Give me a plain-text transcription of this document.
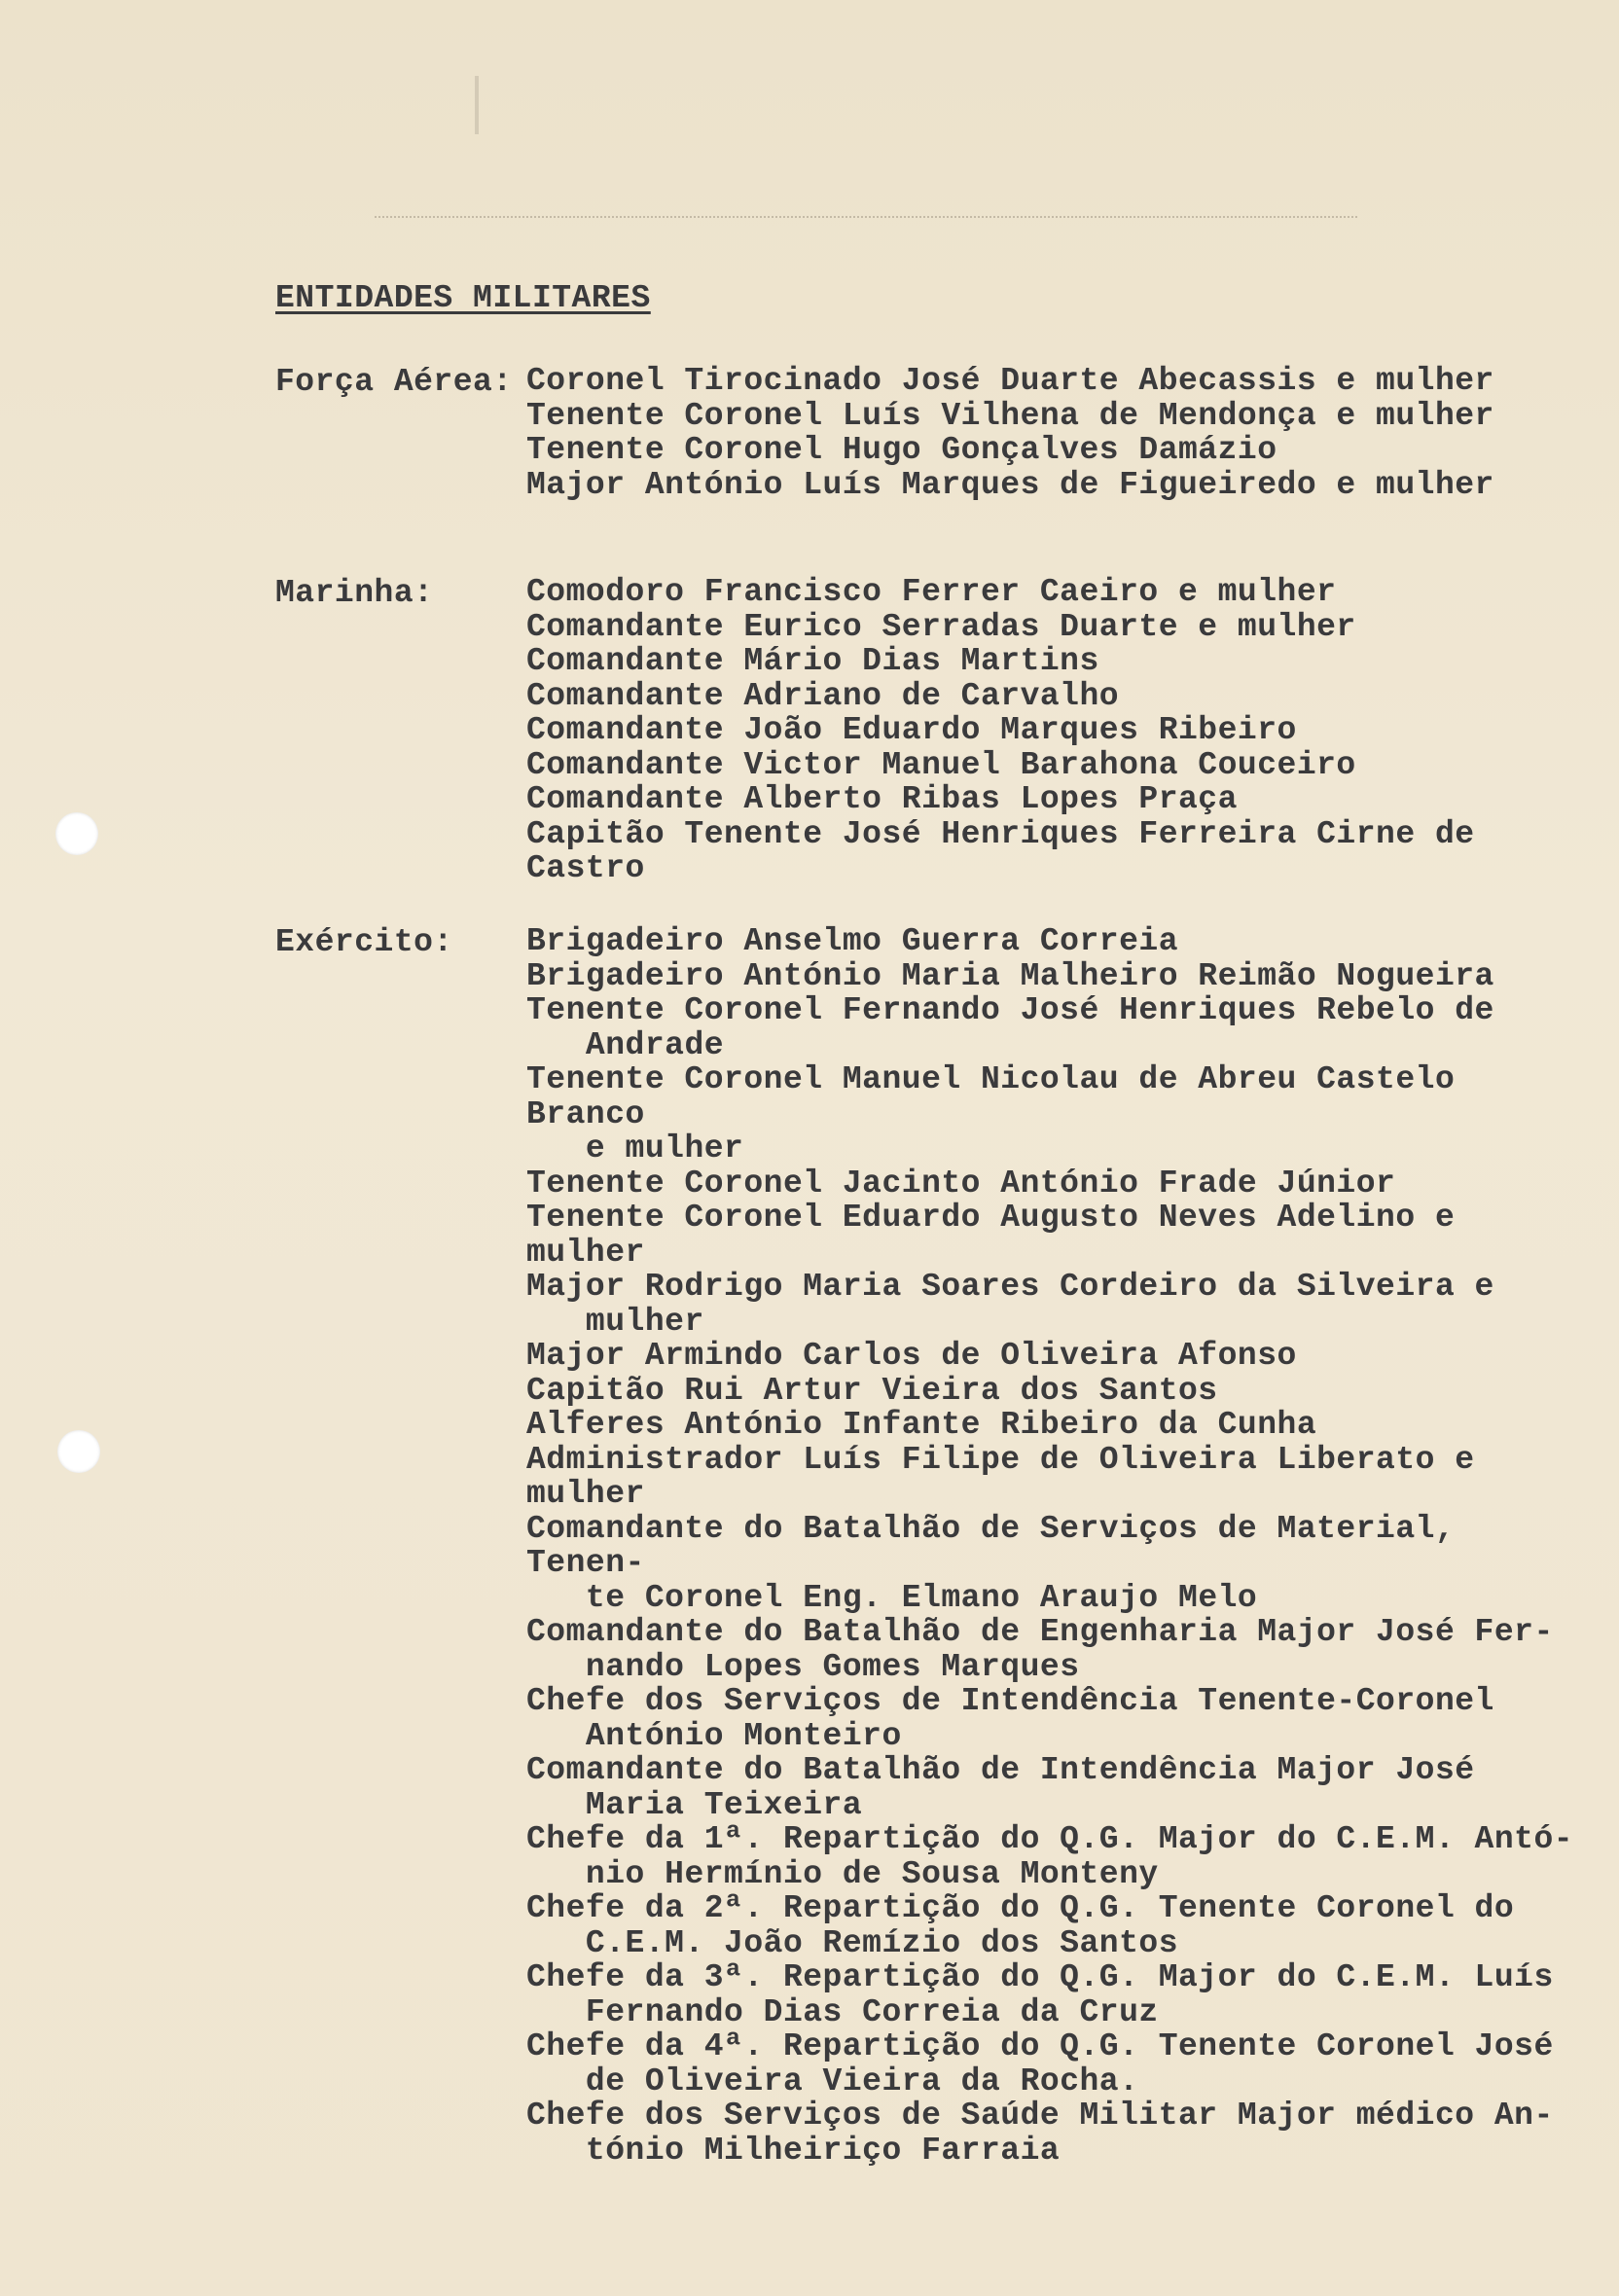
ENTIDADES MILITARES
Força Aérea: Coronel Tirocinado José Duarte Abecassis e mulher
Tenente Coronel Luís Vilhena de Mendonça e mulher
Tenente Coronel Hugo Gonçalves Damázio
Major António Luís Marques de Figueiredo e mulher
Marinha:	Comodoro Francisco Ferrer Caeiro e mulher
Comandante Eurico Serradas Duarte e mulher
Comandante Mário Dias Martins
Comandante Adriano de Carvalho
Comandante João Eduardo Marques Ribeiro
Comandante Victor Manuel Barahona Couceiro
Comandante Alberto Ribas Lopes Praça
Capitão Tenente José Henriques Ferreira Cirne de Castro
Exército: Brigadeiro Anselmo Guerra Correia
Brigadeiro António Maria Malheiro Reimão Nogueira
Tenente Coronel Fernando José Henriques Rebelo de
Andrade
Tenente Coronel Manuel Nicolau de Abreu Castelo Branco
e mulher
Tenente Coronel Jacinto António Frade Júnior
Tenente Coronel Eduardo Augusto Neves Adelino e mulher
Major Rodrigo Maria Soares Cordeiro da Silveira e
mulher
Major Armindo Carlos de Oliveira Afonso
Capitão Rui Artur Vieira dos Santos
Alferes António Infante Ribeiro da Cunha
Administrador Luís Filipe de Oliveira Liberato e mulher
Comandante do Batalhão de Serviços de Material, Tenen-
te Coronel Eng. Elmano Araujo Melo
Comandante do Batalhão de Engenharia Major José Fer-
nando Lopes Gomes Marques
Chefe dos Serviços de Intendência Tenente-Coronel
António Monteiro
Comandante do Batalhão de Intendência Major José
Maria Teixeira
Chefe da 1ª. Repartição do Q.G. Major do C.E.M. Antó-
nio Hermínio de Sousa Monteny
Chefe da 2ª. Repartição do Q.G. Tenente Coronel do
C.E.M. João Remízio dos Santos
Chefe da 3ª. Repartição do Q.G. Major do C.E.M. Luís
Fernando Dias Correia da Cruz
Chefe da 4ª. Repartição do Q.G. Tenente Coronel José
de Oliveira Vieira da Rocha.
Chefe dos Serviços de Saúde Militar Major médico An-
tónio Milheiriço Farraia
